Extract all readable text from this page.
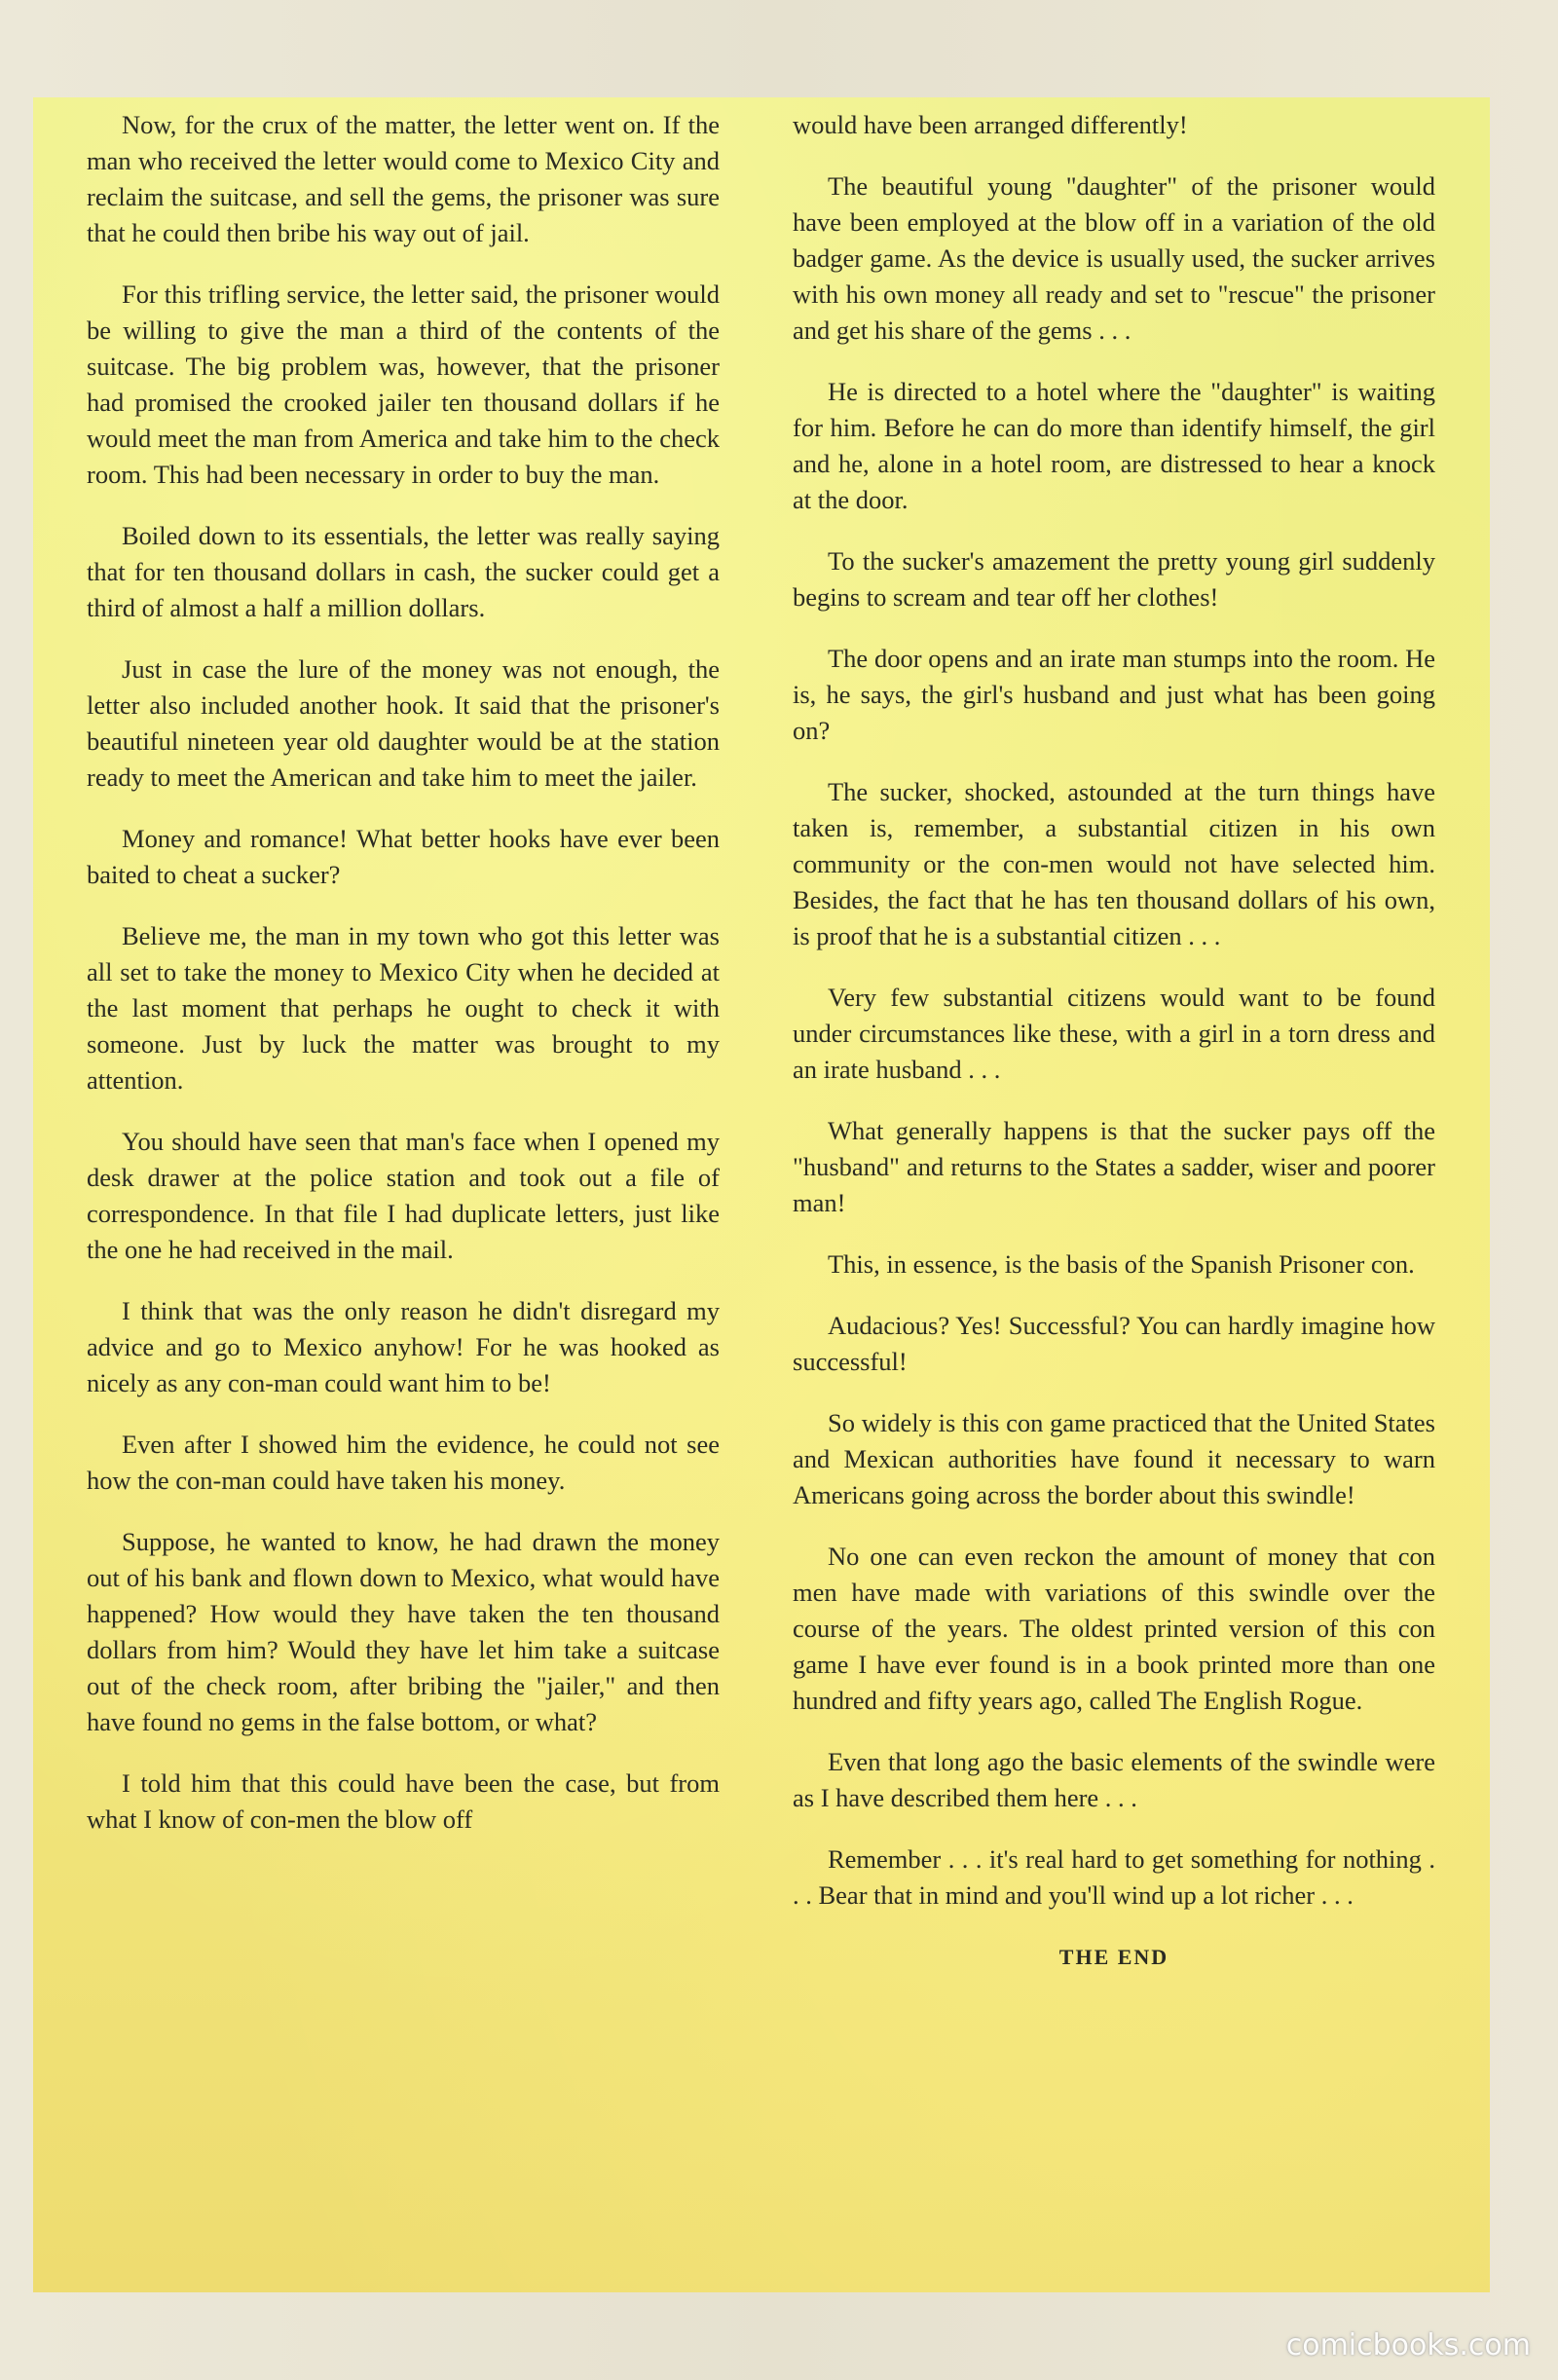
Now, for the crux of the matter, the letter went on. If the man who received the letter would come to Mexico City and reclaim the suitcase, and sell the gems, the prisoner was sure that he could then bribe his way out of jail.

For this trifling service, the letter said, the prisoner would be willing to give the man a third of the contents of the suitcase. The big problem was, however, that the prisoner had promised the crooked jailer ten thousand dollars if he would meet the man from America and take him to the check room. This had been necessary in order to buy the man.

Boiled down to its essentials, the letter was really saying that for ten thousand dollars in cash, the sucker could get a third of almost a half a million dollars.

Just in case the lure of the money was not enough, the letter also included another hook. It said that the prisoner's beautiful nineteen year old daughter would be at the station ready to meet the American and take him to meet the jailer.

Money and romance! What better hooks have ever been baited to cheat a sucker?

Believe me, the man in my town who got this letter was all set to take the money to Mexico City when he decided at the last moment that perhaps he ought to check it with someone. Just by luck the matter was brought to my attention.

You should have seen that man's face when I opened my desk drawer at the police station and took out a file of correspondence. In that file I had duplicate letters, just like the one he had received in the mail.

I think that was the only reason he didn't disregard my advice and go to Mexico anyhow! For he was hooked as nicely as any con-man could want him to be!

Even after I showed him the evidence, he could not see how the con-man could have taken his money.

Suppose, he wanted to know, he had drawn the money out of his bank and flown down to Mexico, what would have happened? How would they have taken the ten thousand dollars from him? Would they have let him take a suitcase out of the check room, after bribing the "jailer," and then have found no gems in the false bottom, or what?

I told him that this could have been the case, but from what I know of con-men the blow off

would have been arranged differently!

The beautiful young "daughter" of the prisoner would have been employed at the blow off in a variation of the old badger game. As the device is usually used, the sucker arrives with his own money all ready and set to "rescue" the prisoner and get his share of the gems . . .

He is directed to a hotel where the "daughter" is waiting for him. Before he can do more than identify himself, the girl and he, alone in a hotel room, are distressed to hear a knock at the door.

To the sucker's amazement the pretty young girl suddenly begins to scream and tear off her clothes!

The door opens and an irate man stumps into the room. He is, he says, the girl's husband and just what has been going on?

The sucker, shocked, astounded at the turn things have taken is, remember, a substantial citizen in his own community or the con-men would not have selected him. Besides, the fact that he has ten thousand dollars of his own, is proof that he is a substantial citizen . . .

Very few substantial citizens would want to be found under circumstances like these, with a girl in a torn dress and an irate husband . . .

What generally happens is that the sucker pays off the "husband" and returns to the States a sadder, wiser and poorer man!

This, in essence, is the basis of the Spanish Prisoner con.

Audacious? Yes! Successful? You can hardly imagine how successful!

So widely is this con game practiced that the United States and Mexican authorities have found it necessary to warn Americans going across the border about this swindle!

No one can even reckon the amount of money that con men have made with variations of this swindle over the course of the years. The oldest printed version of this con game I have ever found is in a book printed more than one hundred and fifty years ago, called The English Rogue.

Even that long ago the basic elements of the swindle were as I have described them here . . .

Remember . . . it's real hard to get something for nothing . . . Bear that in mind and you'll wind up a lot richer . . .

THE END

comicbooks.com
